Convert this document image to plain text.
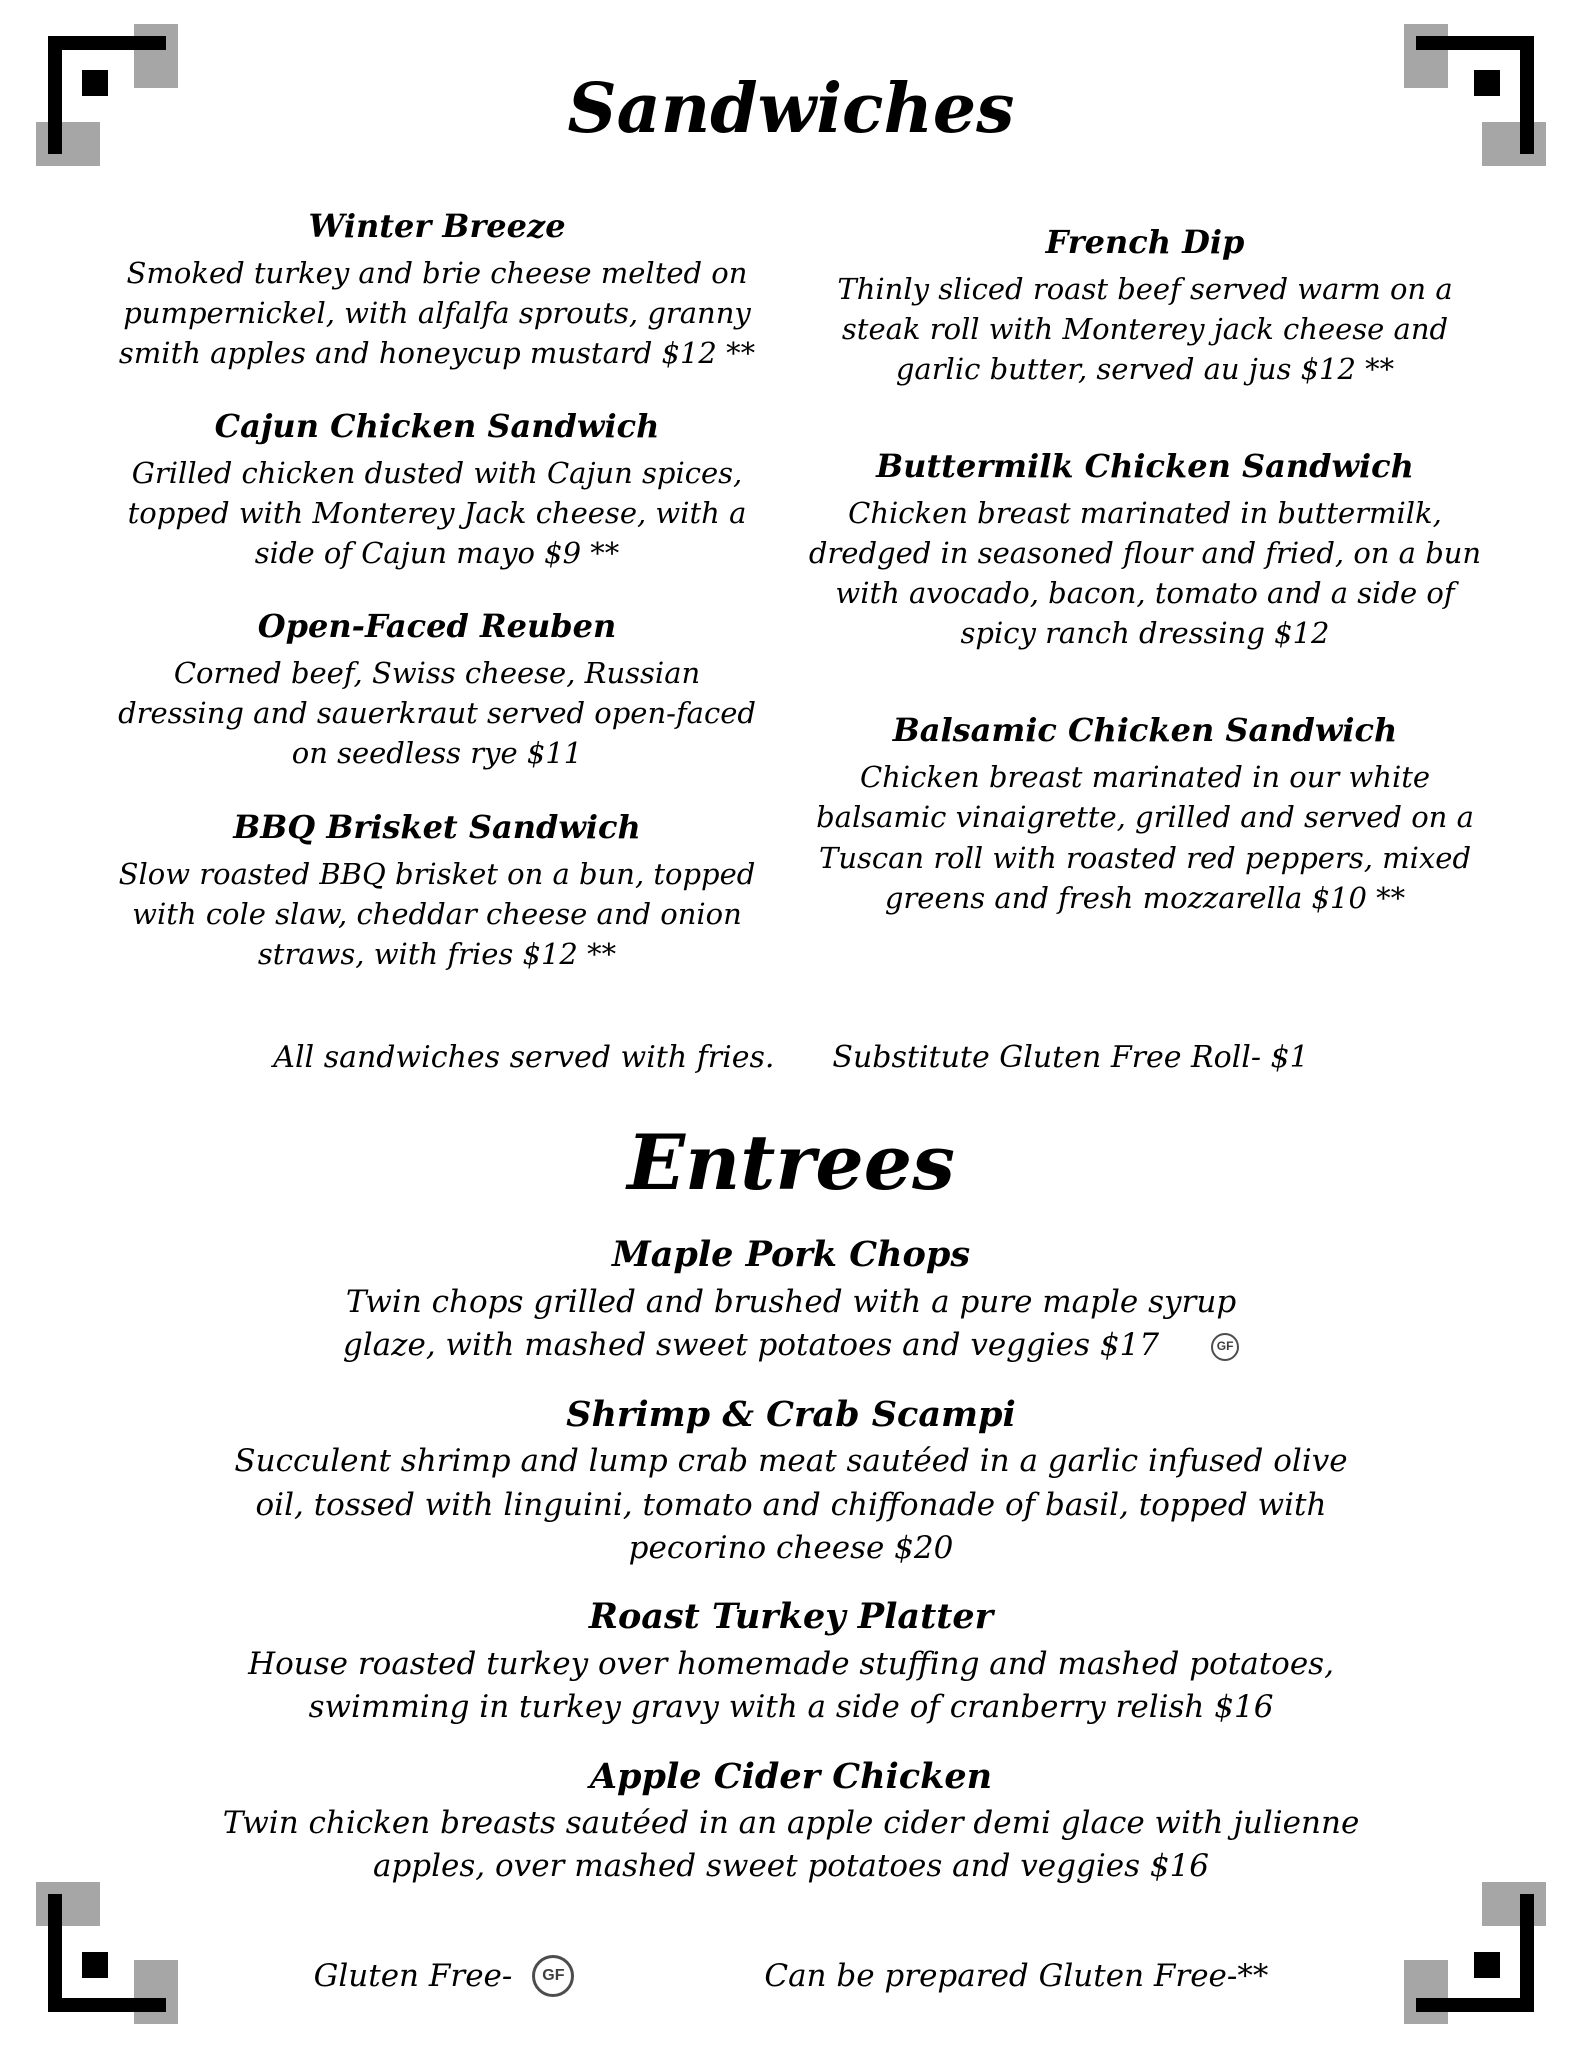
Sandwiches
Winter Breeze
Smoked turkey and brie cheese melted on pumpernickel, with alfalfa sprouts, granny smith apples and honeycup mustard $12 **
Cajun Chicken Sandwich
Grilled chicken dusted with Cajun spices, topped with Monterey Jack cheese, with a side of Cajun mayo $9 **
Open-Faced Reuben
Corned beef, Swiss cheese, Russian dressing and sauerkraut served open-faced on seedless rye $11
BBQ Brisket Sandwich
Slow roasted BBQ brisket on a bun, topped with cole slaw, cheddar cheese and onion straws, with fries $12 **
French Dip
Thinly sliced roast beef served warm on a steak roll with Monterey jack cheese and garlic butter, served au jus $12 **
Buttermilk Chicken Sandwich
Chicken breast marinated in buttermilk, dredged in seasoned flour and fried, on a bun with avocado, bacon, tomato and a side of spicy ranch dressing $12
Balsamic Chicken Sandwich
Chicken breast marinated in our white balsamic vinaigrette, grilled and served on a Tuscan roll with roasted red peppers, mixed greens and fresh mozzarella $10 **
All sandwiches served with fries. Substitute Gluten Free Roll- $1
Entrees
Maple Pork Chops
Twin chops grilled and brushed with a pure maple syrup glaze, with mashed sweet potatoes and veggies $17	GF
Shrimp & Crab Scampi
Succulent shrimp and lump crab meat sautéed in a garlic infused olive oil, tossed with linguini, tomato and chiffonade of basil, topped with pecorino cheese $20
Roast Turkey Platter
House roasted turkey over homemade stuffing and mashed potatoes, swimming in turkey gravy with a side of cranberry relish $16
Apple Cider Chicken
Twin chicken breasts sautéed in an apple cider demi glace with julienne apples, over mashed sweet potatoes and veggies $16
Gluten Free- GF	Can be prepared Gluten Free-**
